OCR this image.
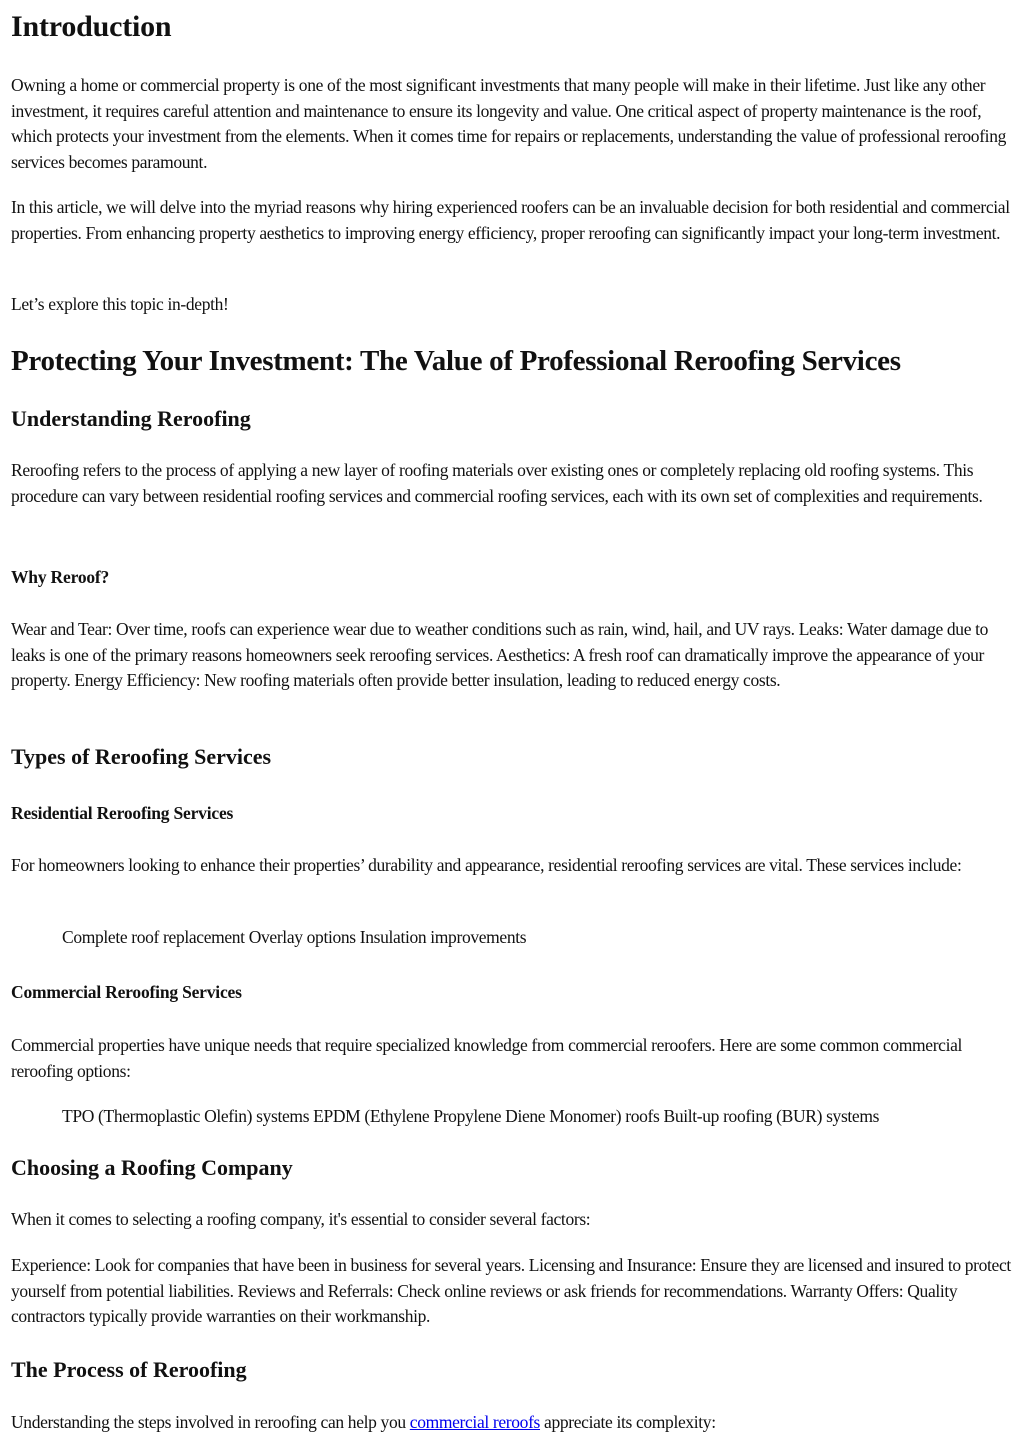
Introduction

Owning a home or commercial property is one of the most significant investments that many people will make in their lifetime. Just like any other investment, it requires careful attention and maintenance to ensure its longevity and value. One critical aspect of property maintenance is the roof, which protects your investment from the elements. When it comes time for repairs or replacements, understanding the value of professional reroofing services becomes paramount.

In this article, we will delve into the myriad reasons why hiring experienced roofers can be an invaluable decision for both residential and commercial properties. From enhancing property aesthetics to improving energy efficiency, proper reroofing can significantly impact your long-term investment.

Let’s explore this topic in-depth!

Protecting Your Investment: The Value of Professional Reroofing Services
Understanding Reroofing

Reroofing refers to the process of applying a new layer of roofing materials over existing ones or completely replacing old roofing systems. This procedure can vary between residential roofing services and commercial roofing services, each with its own set of complexities and requirements.

Why Reroof?

Wear and Tear: Over time, roofs can experience wear due to weather conditions such as rain, wind, hail, and UV rays. Leaks: Water damage due to leaks is one of the primary reasons homeowners seek reroofing services. Aesthetics: A fresh roof can dramatically improve the appearance of your property. Energy Efficiency: New roofing materials often provide better insulation, leading to reduced energy costs.

Types of Reroofing Services
Residential Reroofing Services

For homeowners looking to enhance their properties’ durability and appearance, residential reroofing services are vital. These services include:

Complete roof replacement Overlay options Insulation improvements
Commercial Reroofing Services

Commercial properties have unique needs that require specialized knowledge from commercial reroofers. Here are some common commercial reroofing options:

TPO (Thermoplastic Olefin) systems EPDM (Ethylene Propylene Diene Monomer) roofs Built-up roofing (BUR) systems
Choosing a Roofing Company

When it comes to selecting a roofing company, it's essential to consider several factors:

Experience: Look for companies that have been in business for several years. Licensing and Insurance: Ensure they are licensed and insured to protect yourself from potential liabilities. Reviews and Referrals: Check online reviews or ask friends for recommendations. Warranty Offers: Quality contractors typically provide warranties on their workmanship.

The Process of Reroofing

Understanding the steps involved in reroofing can help you commercial reroofs appreciate its complexity:
